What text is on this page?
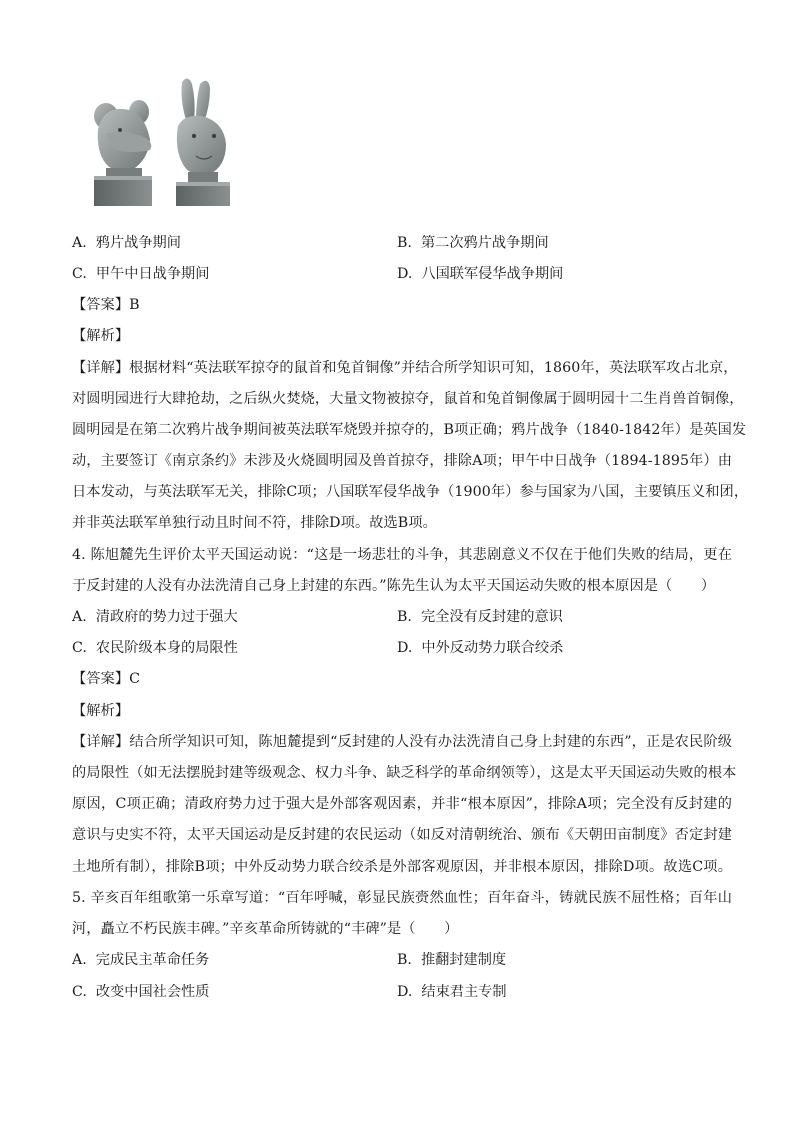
A. 鸦片战争期间	B. 第二次鸦片战争期间
C. 甲午中日战争期间	D. 八国联军侵华战争期间
【答案】B
【解析】
【详解】根据材料“英法联军掠夺的鼠首和兔首铜像”并结合所学知识可知，1860年，英法联军攻占北京，
对圆明园进行大肆抢劫，之后纵火焚烧，大量文物被掠夺，鼠首和兔首铜像属于圆明园十二生肖兽首铜像，
圆明园是在第二次鸦片战争期间被英法联军烧毁并掠夺的，B项正确；鸦片战争（1840-1842年）是英国发
动，主要签订《南京条约》未涉及火烧圆明园及兽首掠夺，排除A项；甲午中日战争（1894-1895年）由
日本发动，与英法联军无关，排除C项；八国联军侵华战争（1900年）参与国家为八国，主要镇压义和团，
并非英法联军单独行动且时间不符，排除D项。故选B项。
4. 陈旭麓先生评价太平天国运动说：“这是一场悲壮的斗争，其悲剧意义不仅在于他们失败的结局，更在
于反封建的人没有办法洗清自己身上封建的东西。”陈先生认为太平天国运动失败的根本原因是（　　）
A. 清政府的势力过于强大	B. 完全没有反封建的意识
C. 农民阶级本身的局限性	D. 中外反动势力联合绞杀
【答案】C
【解析】
【详解】结合所学知识可知，陈旭麓提到“反封建的人没有办法洗清自己身上封建的东西”，正是农民阶级
的局限性（如无法摆脱封建等级观念、权力斗争、缺乏科学的革命纲领等），这是太平天国运动失败的根本
原因，C项正确；清政府势力过于强大是外部客观因素，并非“根本原因”，排除A项；完全没有反封建的
意识与史实不符，太平天国运动是反封建的农民运动（如反对清朝统治、颁布《天朝田亩制度》否定封建
土地所有制），排除B项；中外反动势力联合绞杀是外部客观原因，并非根本原因，排除D项。故选C项。
5. 辛亥百年组歌第一乐章写道：“百年呼喊，彰显民族赍然血性；百年奋斗，铸就民族不屈性格；百年山
河，矗立不朽民族丰碑。”辛亥革命所铸就的“丰碑”是（　　）
A. 完成民主革命任务	B. 推翻封建制度
C. 改变中国社会性质	D. 结束君主专制
